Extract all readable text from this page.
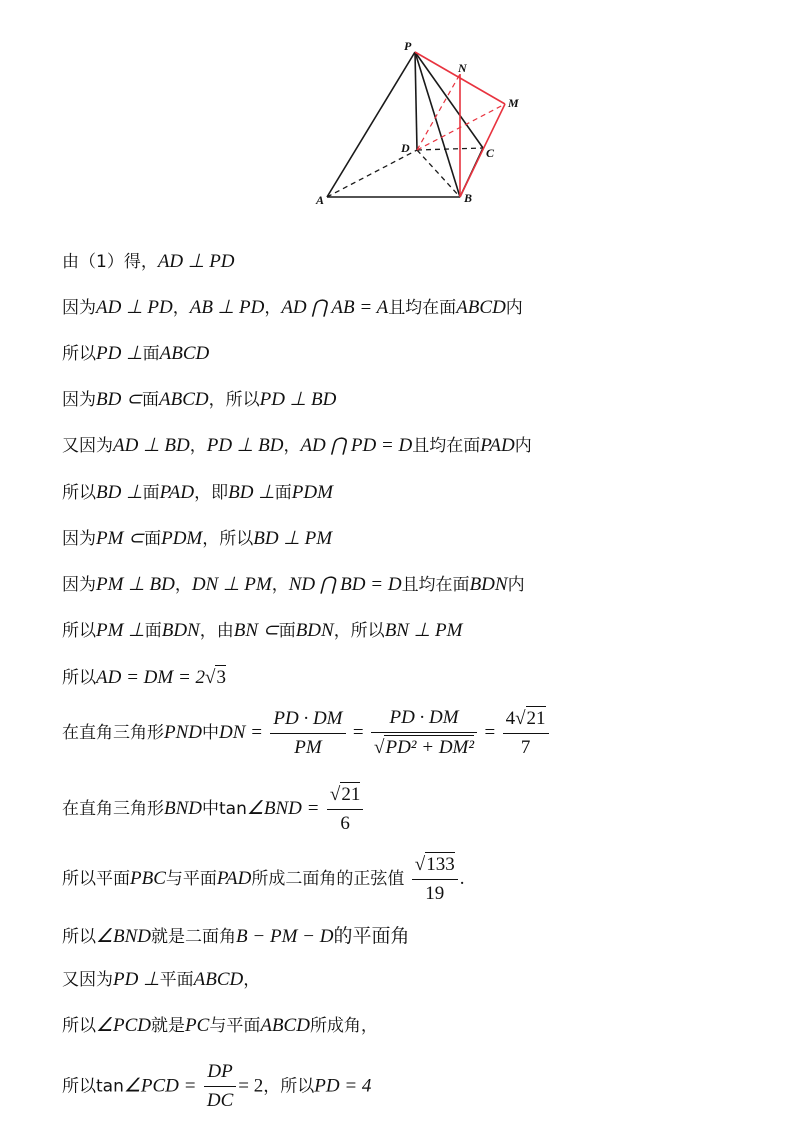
P
N
M
D	C
A	B
由（1）得，AD ⊥ PD
因为AD ⊥ PD，AB ⊥ PD，AD ⋂ AB = A且均在面ABCD内
所以PD ⊥面ABCD
因为BD ⊂面ABCD，所以PD ⊥ BD
又因为AD ⊥ BD，PD ⊥ BD，AD ⋂ PD = D且均在面PAD内
所以BD ⊥面PAD，即BD ⊥面PDM
因为PM ⊂面PDM，所以BD ⊥ PM
因为PM ⊥ BD，DN ⊥ PM，ND ⋂ BD = D且均在面BDN内
所以PM ⊥面BDN，由BN ⊂面BDN，所以BN ⊥ PM
所以AD = DM = 2√3
在直角三角形PND中DN = $\frac{PD \cdot DM}{PM} = \frac{PD \cdot DM}{\text{√PD² + DM²}} = \frac{4√21}{7}$
在直角三角形BND中tan∠BND = $\frac{√21}{6}$
所以平面PBC与平面PAD所成二面角的正弦值 $\frac{√133}{19}$ .
所以∠BND就是二面角B − PM − D的平面角
又因为PD ⊥平面ABCD，
所以∠PCD就是PC与平面ABCD所成角，
所以tan∠PCD = $\frac{DP}{DC} = 2$，所以PD = 4
